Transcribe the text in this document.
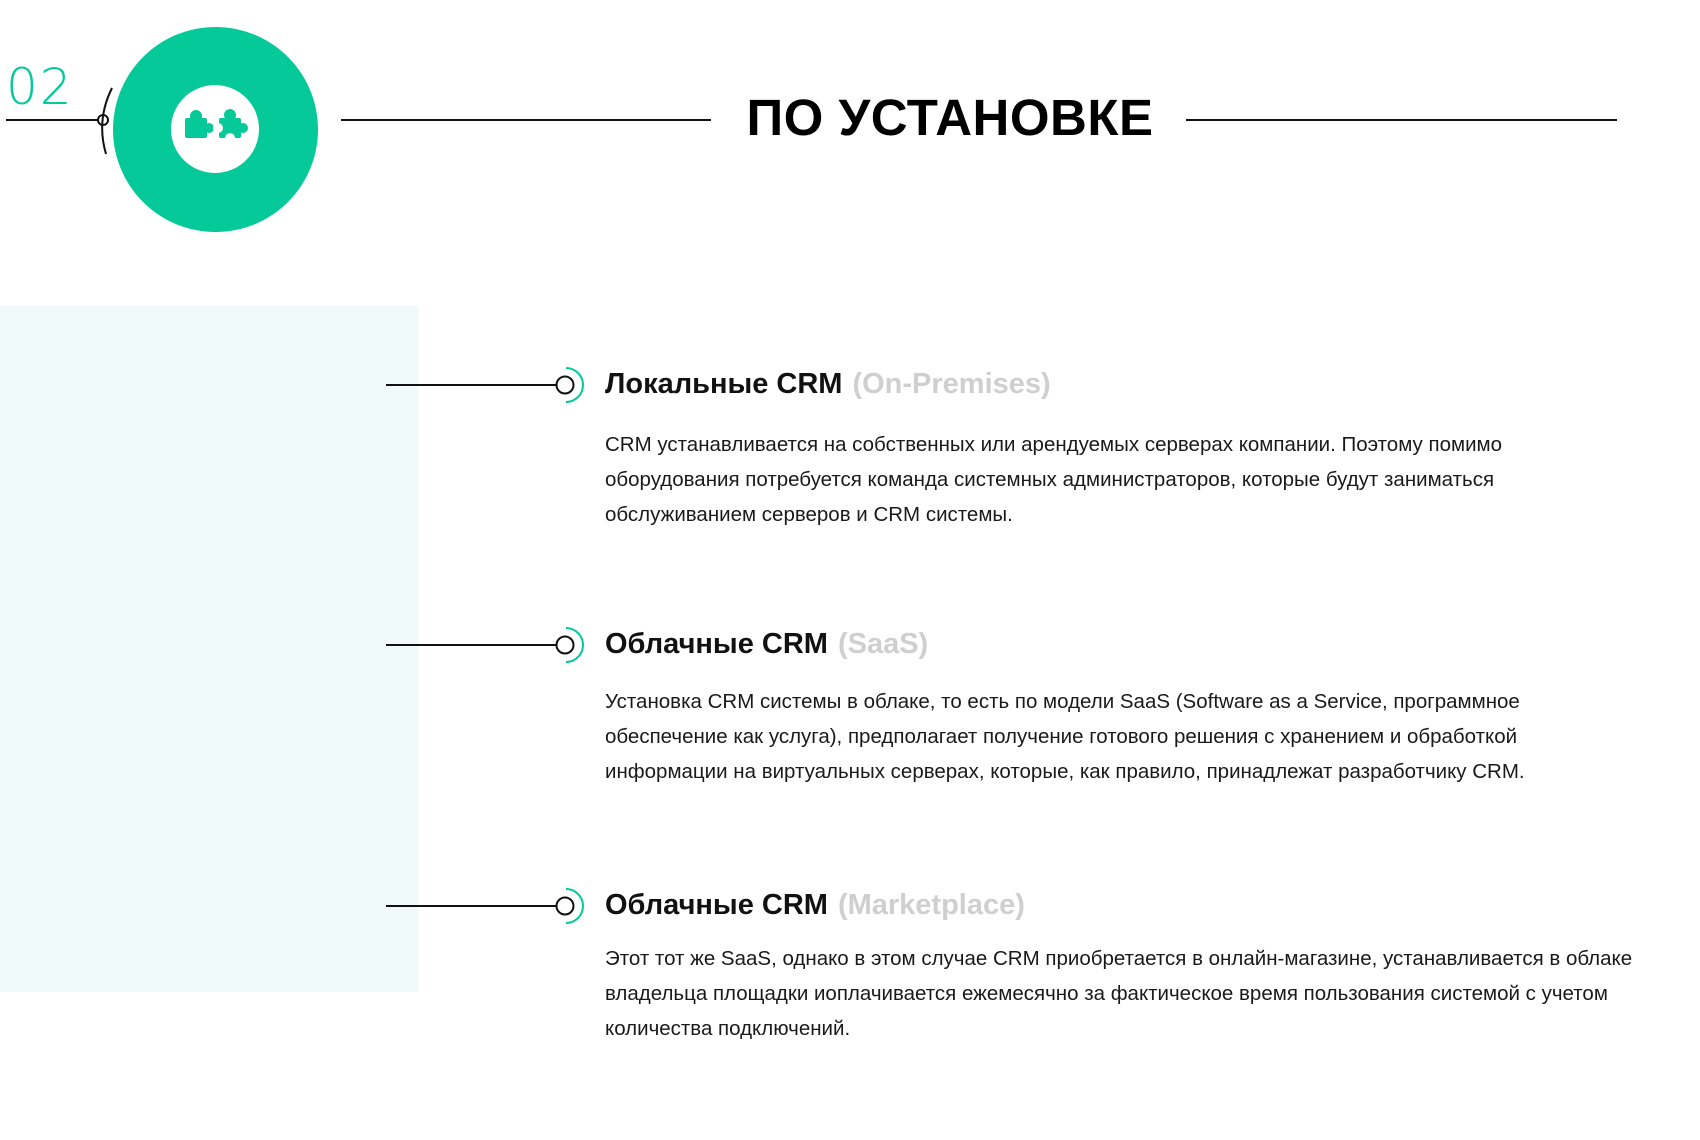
02
ПО УСТАНОВКЕ
Локальные CRM (On-Premises)

CRM устанавливается на собственных или арендуемых серверах компании. Поэтому помимо оборудования потребуется команда системных администраторов, которые будут заниматься обслуживанием серверов и CRM системы.

Облачные CRM (SaaS)

Установка CRM системы в облаке, то есть по модели SaaS (Software as a Service, программное обеспечение как услуга), предполагает получение готового решения с хранением и обработкой информации на виртуальных серверах, которые, как правило, принадлежат разработчику CRM.

Облачные CRM (Marketplace)

Этот тот же SaaS, однако в этом случае CRM приобретается в онлайн-магазине, устанавливается в облаке владельца площадки иоплачивается ежемесячно за фактическое время пользования системой с учетом количества подключений.
